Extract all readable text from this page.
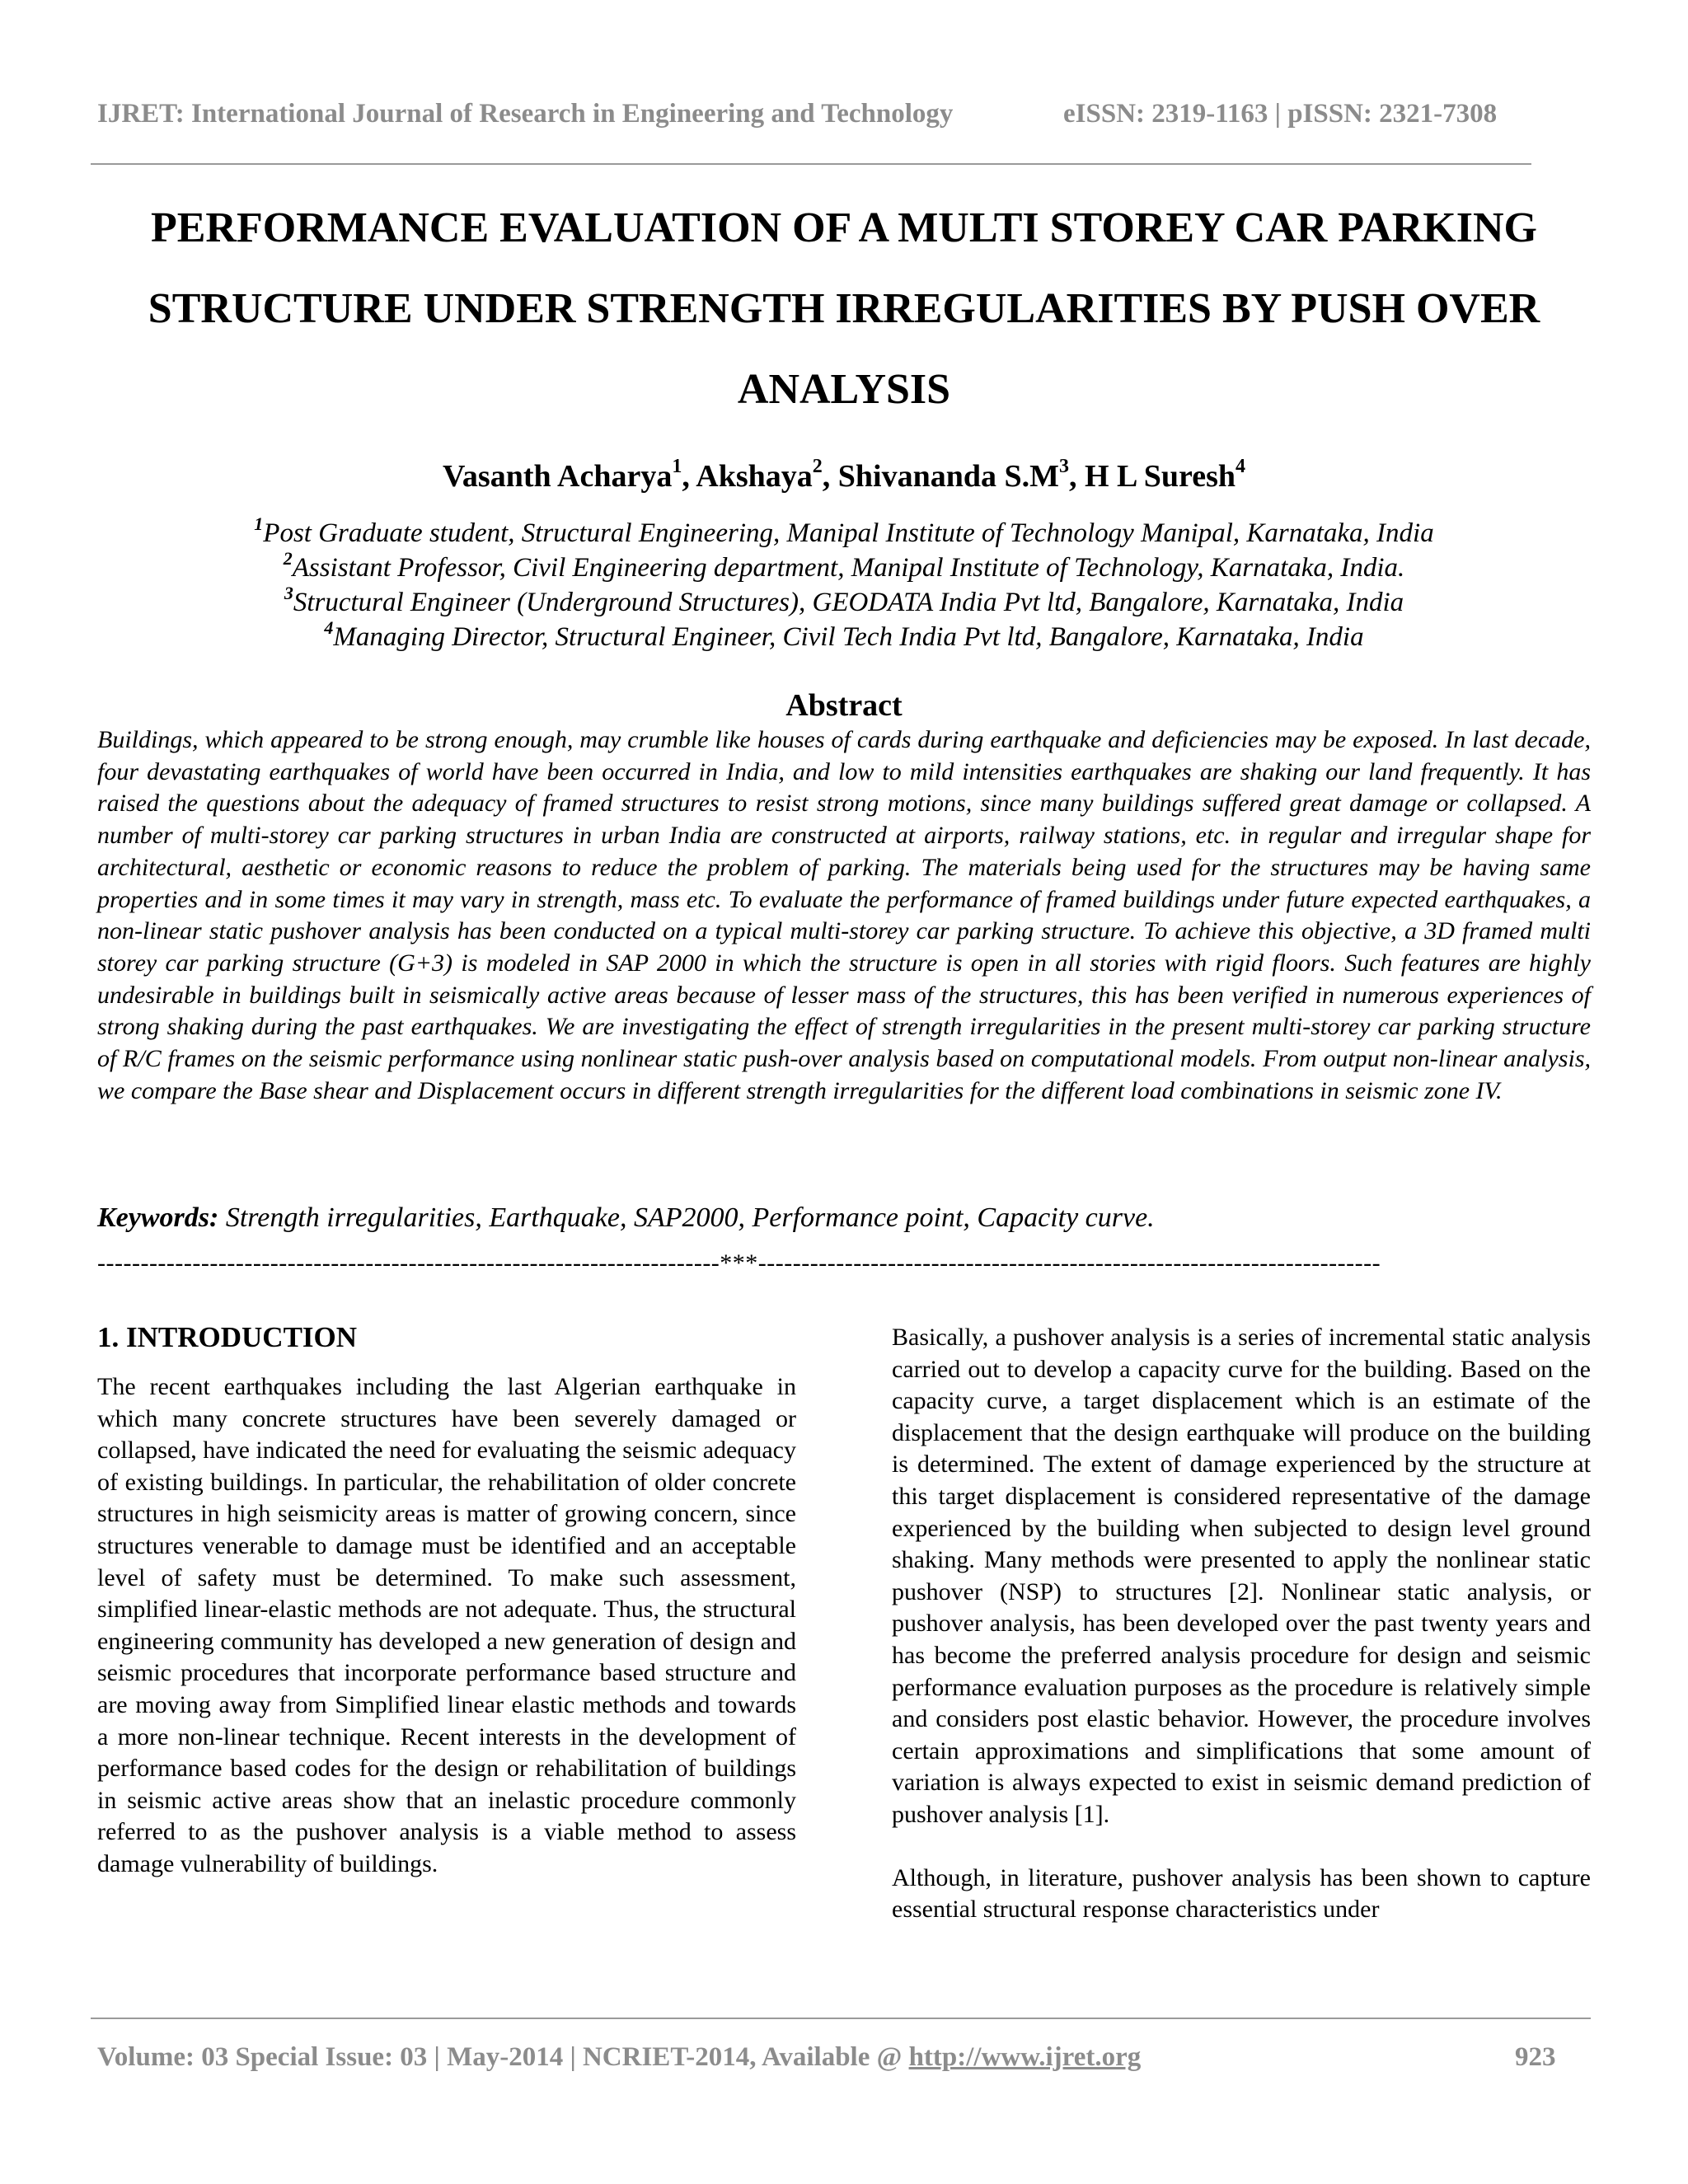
IJRET: International Journal of Research in Engineering and Technology	eISSN: 2319-1163 | pISSN: 2321-7308
PERFORMANCE EVALUATION OF A MULTI STOREY CAR PARKING STRUCTURE UNDER STRENGTH IRREGULARITIES BY PUSH OVER ANALYSIS
Vasanth Acharya$^1$, Akshaya$^2$, Shivananda $S.M^3$, H L Suresh$^4$
$^1$Post Graduate student, Structural Engineering, Manipal Institute of Technology Manipal, Karnataka, India
$^2$Assistant Professor, Civil Engineering department, Manipal Institute of Technology, Karnataka, India.
$^3$Structural Engineer (Underground Structures), GEODATA India Pvt ltd, Bangalore, Karnataka, India
$^4$Managing Director, Structural Engineer, Civil Tech India Pvt ltd, Bangalore, Karnataka, India
Abstract
Buildings, which appeared to be strong enough, may crumble like houses of cards during earthquake and deficiencies may be exposed. In last decade, four devastating earthquakes of world have been occurred in India, and low to mild intensities earthquakes are shaking our land frequently. It has raised the questions about the adequacy of framed structures to resist strong motions, since many buildings suffered great damage or collapsed. A number of multi-storey car parking structures in urban India are constructed at airports, railway stations, etc. in regular and irregular shape for architectural, aesthetic or economic reasons to reduce the problem of parking. The materials being used for the structures may be having same properties and in some times it may vary in strength, mass etc. To evaluate the performance of framed buildings under future expected earthquakes, a non-linear static pushover analysis has been conducted on a typical multi-storey car parking structure. To achieve this objective, a 3D framed multi storey car parking structure (G+3) is modeled in SAP 2000 in which the structure is open in all stories with rigid floors. Such features are highly undesirable in buildings built in seismically active areas because of lesser mass of the structures, this has been verified in numerous experiences of strong shaking during the past earthquakes. We are investigating the effect of strength irregularities in the present multi-storey car parking structure of R/C frames on the seismic performance using nonlinear static push-over analysis based on computational models. From output non-linear analysis, we compare the Base shear and Displacement occurs in different strength irregularities for the different load combinations in seismic zone IV.
Keywords: Strength irregularities, Earthquake, SAP2000, Performance point, Capacity curve.
------------------------------------------------------------------------***------------------------------------------------------------------------
1. INTRODUCTION

The recent earthquakes including the last Algerian earthquake in which many concrete structures have been severely damaged or collapsed, have indicated the need for evaluating the seismic adequacy of existing buildings. In particular, the rehabilitation of older concrete structures in high seismicity areas is matter of growing concern, since structures venerable to damage must be identified and an acceptable level of safety must be determined. To make such assessment, simplified linear-elastic methods are not adequate. Thus, the structural engineering community has developed a new generation of design and seismic procedures that incorporate performance based structure and are moving away from Simplified linear elastic methods and towards a more non-linear technique. Recent interests in the development of performance based codes for the design or rehabilitation of buildings in seismic active areas show that an inelastic procedure commonly referred to as the pushover analysis is a viable method to assess damage vulnerability of buildings.

Basically, a pushover analysis is a series of incremental static analysis carried out to develop a capacity curve for the building. Based on the capacity curve, a target displacement which is an estimate of the displacement that the design earthquake will produce on the building is determined. The extent of damage experienced by the structure at this target displacement is considered representative of the damage experienced by the building when subjected to design level ground shaking. Many methods were presented to apply the nonlinear static pushover (NSP) to structures [2]. Nonlinear static analysis, or pushover analysis, has been developed over the past twenty years and has become the preferred analysis procedure for design and seismic performance evaluation purposes as the procedure is relatively simple and considers post elastic behavior. However, the procedure involves certain approximations and simplifications that some amount of variation is always expected to exist in seismic demand prediction of pushover analysis [1].

Although, in literature, pushover analysis has been shown to capture essential structural response characteristics under

Volume: 03 Special Issue: 03 | May-2014 | NCRIET-2014, Available @ http://www.ijret.org	923
